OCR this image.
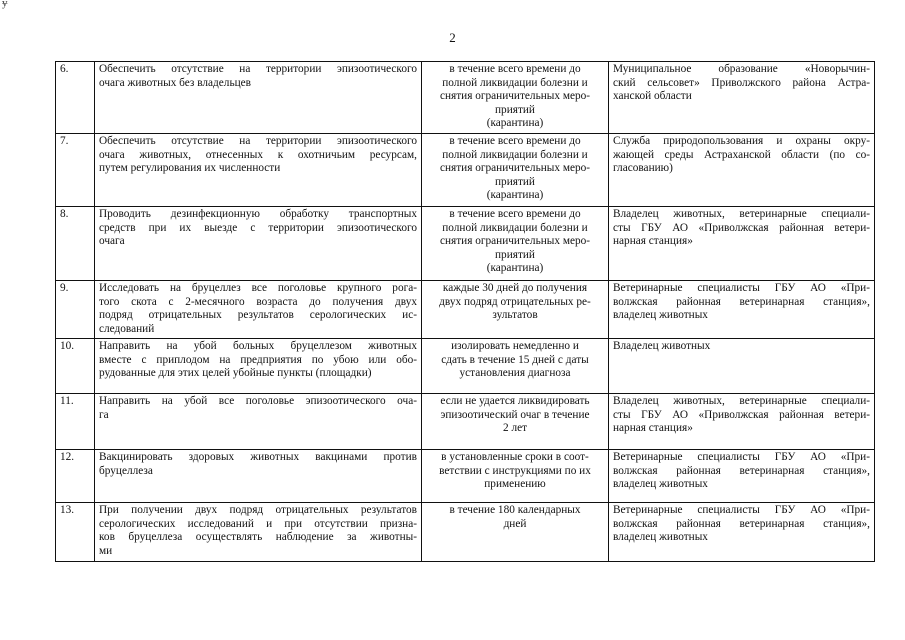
ɏ
2
6.	Обеспечить отсутствие на территории эпизоотического
очага животных без владельцев	в течение всего времени до
полной ликвидации болезни и
снятия ограничительных меро-
приятий
(карантина)	Муниципальное образование «Новорычин-
ский сельсовет» Приволжского района Астра-
ханской области

7.	Обеспечить отсутствие на территории эпизоотического
очага животных, отнесенных к охотничьим ресурсам,
путем регулирования их численности	в течение всего времени до
полной ликвидации болезни и
снятия ограничительных меро-
приятий
(карантина)	Служба природопользования и охраны окру-
жающей среды Астраханской области (по со-
гласованию)

8.	Проводить дезинфекционную обработку транспортных
средств при их выезде с территории эпизоотического
очага	в течение всего времени до
полной ликвидации болезни и
снятия ограничительных меро-
приятий
(карантина)	Владелец животных, ветеринарные специали-
сты ГБУ АО «Приволжская районная ветери-
нарная станция»

9.	Исследовать на бруцеллез все поголовье крупного рога-
того скота с 2-месячного возраста до получения двух
подряд отрицательных результатов серологических ис-
следований	каждые 30 дней до получения
двух подряд отрицательных ре-
зультатов	Ветеринарные специалисты ГБУ АО «При-
волжская районная ветеринарная станция»,
владелец животных

10.	Направить на убой больных бруцеллезом животных
вместе с приплодом на предприятия по убою или обо-
рудованные для этих целей убойные пункты (площадки)	изолировать немедленно и
сдать в течение 15 дней с даты
установления диагноза	Владелец животных

11.	Направить на убой все поголовье эпизоотического оча-
га	если не удается ликвидировать
эпизоотический очаг в течение
2 лет	Владелец животных, ветеринарные специали-
сты ГБУ АО «Приволжская районная ветери-
нарная станция»

12.	Вакцинировать здоровых животных вакцинами против
бруцеллеза	в установленные сроки в соот-
ветствии с инструкциями по их
применению	Ветеринарные специалисты ГБУ АО «При-
волжская районная ветеринарная станция»,
владелец животных

13.	При получении двух подряд отрицательных результатов
серологических исследований и при отсутствии призна-
ков бруцеллеза осуществлять наблюдение за животны-
ми	в течение 180 календарных
дней	Ветеринарные специалисты ГБУ АО «При-
волжская районная ветеринарная станция»,
владелец животных
